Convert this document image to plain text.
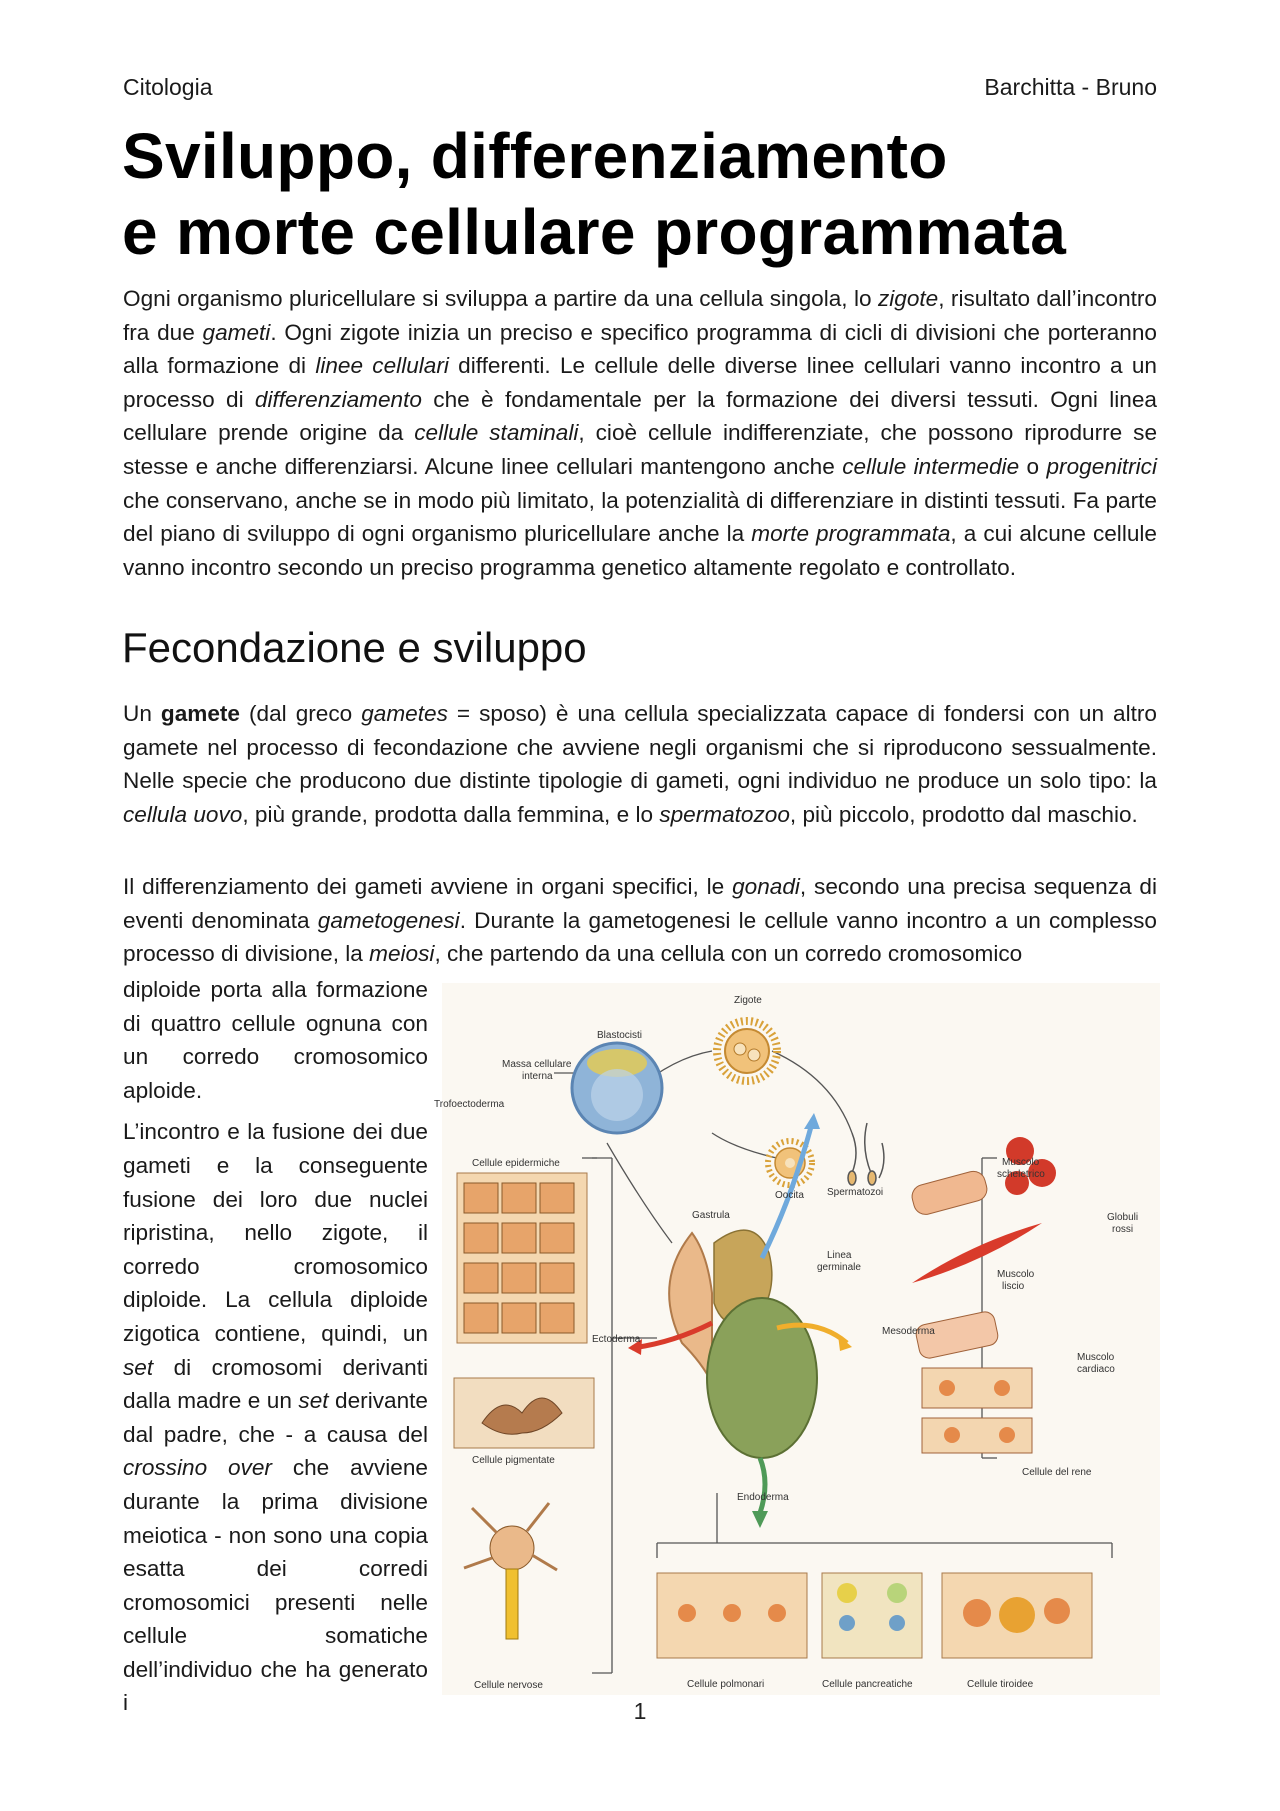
Citologia	Barchitta - Bruno
Sviluppo, differenziamento
e morte cellulare programmata

Ogni organismo pluricellulare si sviluppa a partire da una cellula singola, lo zigote, risultato dall’incontro fra due gameti. Ogni zigote inizia un preciso e specifico programma di cicli di divisioni che porteranno alla formazione di linee cellulari differenti. Le cellule delle diverse linee cellulari vanno incontro a un processo di differenziamento che è fondamentale per la formazione dei diversi tessuti. Ogni linea cellulare prende origine da cellule staminali, cioè cellule indifferenziate, che possono riprodurre se stesse e anche differenziarsi. Alcune linee cellulari mantengono anche cellule intermedie o progenitrici che conservano, anche se in modo più limitato, la potenzialità di differenziare in distinti tessuti. Fa parte del piano di sviluppo di ogni organismo pluricellulare anche la morte programmata, a cui alcune cellule vanno incontro secondo un preciso programma genetico altamente regolato e controllato.

Fecondazione e sviluppo

Un gamete (dal greco gametes = sposo) è una cellula specializzata capace di fondersi con un altro gamete nel processo di fecondazione che avviene negli organismi che si riproducono sessualmente. Nelle specie che producono due distinte tipologie di gameti, ogni individuo ne produce un solo tipo: la cellula uovo, più grande, prodotta dalla femmina, e lo spermatozoo, più piccolo, prodotto dal maschio.

Il differenziamento dei gameti avviene in organi specifici, le gonadi, secondo una precisa sequenza di eventi denominata gametogenesi. Durante la gametogenesi le cellule vanno incontro a un complesso processo di divisione, la meiosi, che partendo da una cellula con un corredo cromosomico

diploide porta alla formazione di quattro cellule ognuna con un corredo cromosomico aploide.

L’incontro e la fusione dei due gameti e la conseguente fusione dei loro due nuclei ripristina, nello zigote, il corredo cromosomico diploide. La cellula diploide zigotica contiene, quindi, un set di cromosomi derivanti dalla madre e un set derivante dal padre, che - a causa del crossino over che avviene durante la prima divisione meiotica - non sono una copia esatta dei corredi cromosomici presenti nelle cellule somatiche dell’individuo che ha generato i

Zigote
Blastocisti
Massa cellulare
interna
Trofoectoderma
Oocita Spermatozoi
Gastrula
Linea
germinale
Ectoderma
Mesoderma
Endoderma
Cellule epidermiche
Cellule pigmentate
Cellule nervose
Muscolo
scheletrico
Globuli
rossi
Muscolo
liscio
Muscolo
cardiaco
Cellule del rene
Cellule polmonari	Cellule pancreatiche	Cellule tiroidee
1
